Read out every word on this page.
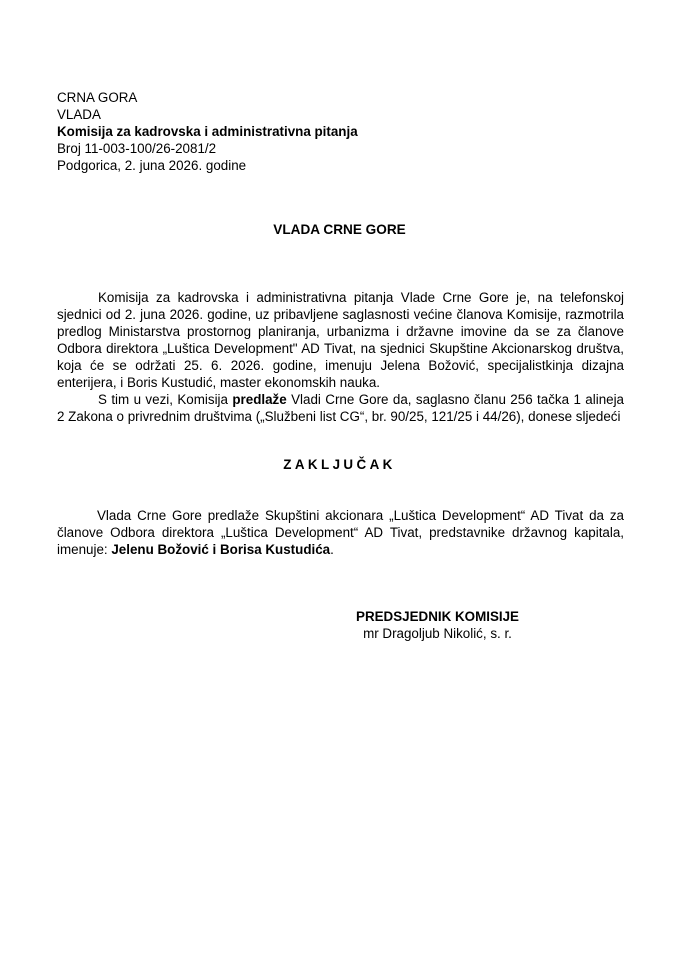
CRNA GORA
VLADA
Komisija za kadrovska i administrativna pitanja
Broj 11-003-100/26-2081/2
Podgorica, 2. juna 2026. godine
VLADA CRNE GORE

Komisija za kadrovska i administrativna pitanja Vlade Crne Gore je, na telefonskoj sjednici od 2. juna 2026. godine, uz pribavljene saglasnosti većine članova Komisije, razmotrila predlog Ministarstva prostornog planiranja, urbanizma i državne imovine da se za članove Odbora direktora „Luštica Development" AD Tivat, na sjednici Skupštine Akcionarskog društva, koja će se održati 25. 6. 2026. godine, imenuju Jelena Božović, specijalistkinja dizajna enterijera, i Boris Kustudić, master ekonomskih nauka.

S tim u vezi, Komisija predlaže Vladi Crne Gore da, saglasno članu 256 tačka 1 alineja 2 Zakona o privrednim društvima („Službeni list CG“, br. 90/25, 121/25 i 44/26), donese sljedeći

ZAKLJUČAK

Vlada Crne Gore predlaže Skupštini akcionara „Luštica Development“ AD Tivat da za članove Odbora direktora „Luštica Development“ AD Tivat, predstavnike državnog kapitala, imenuje: Jelenu Božović i Borisa Kustudića.

PREDSJEDNIK KOMISIJE
mr Dragoljub Nikolić, s. r.
